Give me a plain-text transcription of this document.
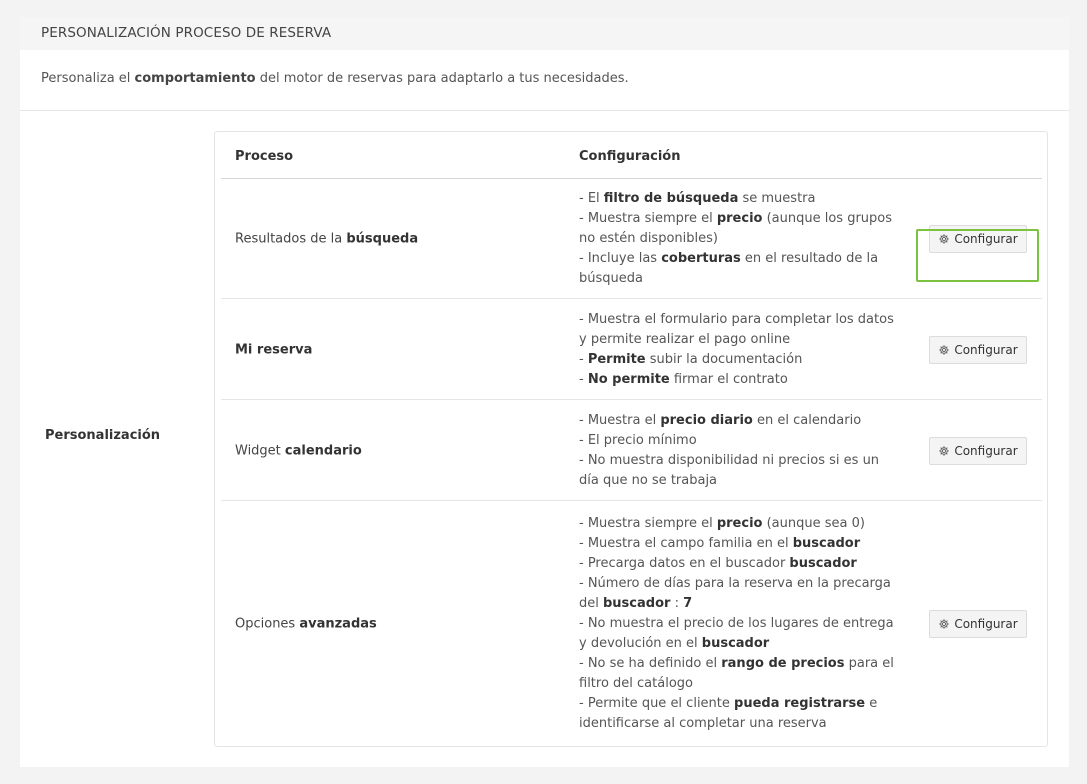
PERSONALIZACIÓN PROCESO DE RESERVA
Personaliza el comportamiento del motor de reservas para adaptarlo a tus necesidades.
Personalización
Proceso	Configuración
Resultados de la búsqueda
- El filtro de búsqueda se muestra
- Muestra siempre el precio (aunque los grupos
no estén disponibles)
- Incluye las coberturas en el resultado de la
búsqueda
Configurar
Mi reserva
- Muestra el formulario para completar los datos
y permite realizar el pago online
- Permite subir la documentación
- No permite firmar el contrato
Configurar
Widget calendario
- Muestra el precio diario en el calendario
- El precio mínimo
- No muestra disponibilidad ni precios si es un
día que no se trabaja
Configurar
Opciones avanzadas
- Muestra siempre el precio (aunque sea 0)
- Muestra el campo familia en el buscador
- Precarga datos en el buscador buscador
- Número de días para la reserva en la precarga
del buscador : 7
- No muestra el precio de los lugares de entrega
y devolución en el buscador
- No se ha definido el rango de precios para el
filtro del catálogo
- Permite que el cliente pueda registrarse e
identificarse al completar una reserva
Configurar
